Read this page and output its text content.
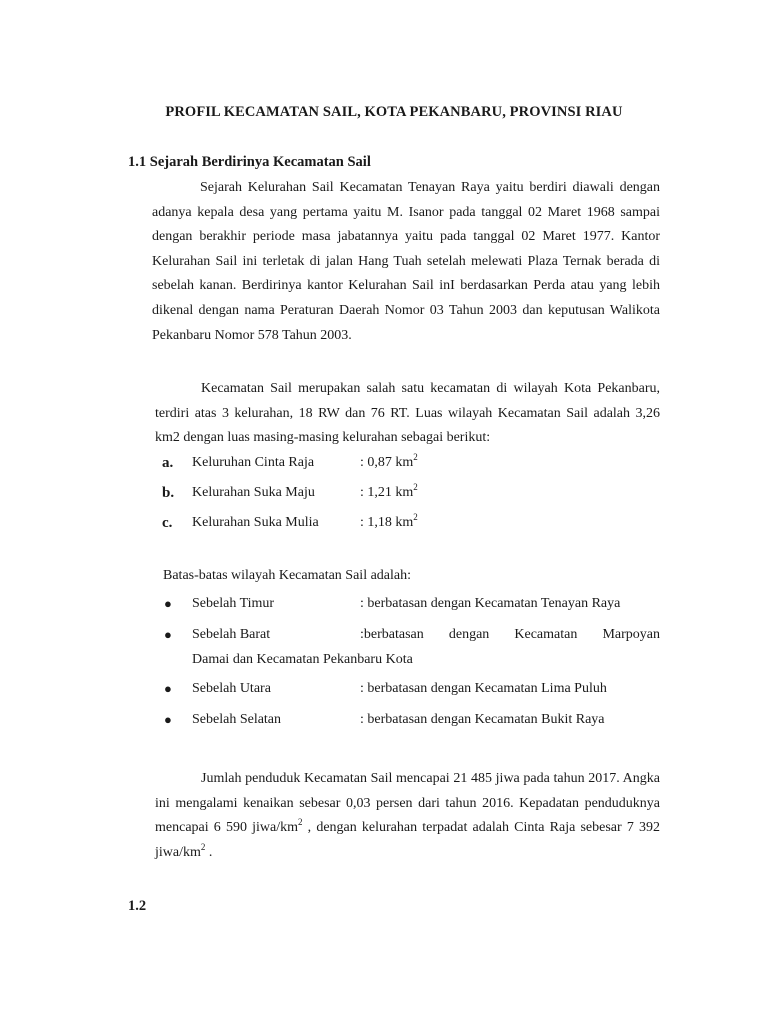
PROFIL KECAMATAN SAIL, KOTA PEKANBARU, PROVINSI RIAU
1.1 Sejarah Berdirinya Kecamatan Sail

Sejarah Kelurahan Sail Kecamatan Tenayan Raya yaitu berdiri diawali dengan adanya kepala desa yang pertama yaitu M. Isanor pada tanggal 02 Maret 1968 sampai dengan berakhir periode masa jabatannya yaitu pada tanggal 02 Maret 1977. Kantor Kelurahan Sail ini terletak di jalan Hang Tuah setelah melewati Plaza Ternak berada di sebelah kanan. Berdirinya kantor Kelurahan Sail inI berdasarkan Perda atau yang lebih dikenal dengan nama Peraturan Daerah Nomor 03 Tahun 2003 dan keputusan Walikota Pekanbaru Nomor 578 Tahun 2003.

Kecamatan Sail merupakan salah satu kecamatan di wilayah Kota Pekanbaru, terdiri atas 3 kelurahan, 18 RW dan 76 RT. Luas wilayah Kecamatan Sail adalah 3,26 km2 dengan luas masing-masing kelurahan sebagai berikut:

a. Keluruhan Cinta Raja	: 0,87 $km^2$
b. Kelurahan Suka Maju	: 1,21 $km^2$
c. Kelurahan Suka Mulia	: 1,18 $km^2$
Batas-batas wilayah Kecamatan Sail adalah:
● Sebelah Timur	: berbatasan dengan Kecamatan Tenayan Raya
● Sebelah Barat	:berbatasan dengan Kecamatan Marpoyan
Damai dan Kecamatan Pekanbaru Kota
● Sebelah Utara	: berbatasan dengan Kecamatan Lima Puluh
● Sebelah Selatan	: berbatasan dengan Kecamatan Bukit Raya

Jumlah penduduk Kecamatan Sail mencapai 21 485 jiwa pada tahun 2017. Angka ini mengalami kenaikan sebesar 0,03 persen dari tahun 2016. Kepadatan penduduknya mencapai 6 590 jiwa/$km^2$ , dengan kelurahan terpadat adalah Cinta Raja sebesar 7 392 jiwa/$km^2$ .

1.2
